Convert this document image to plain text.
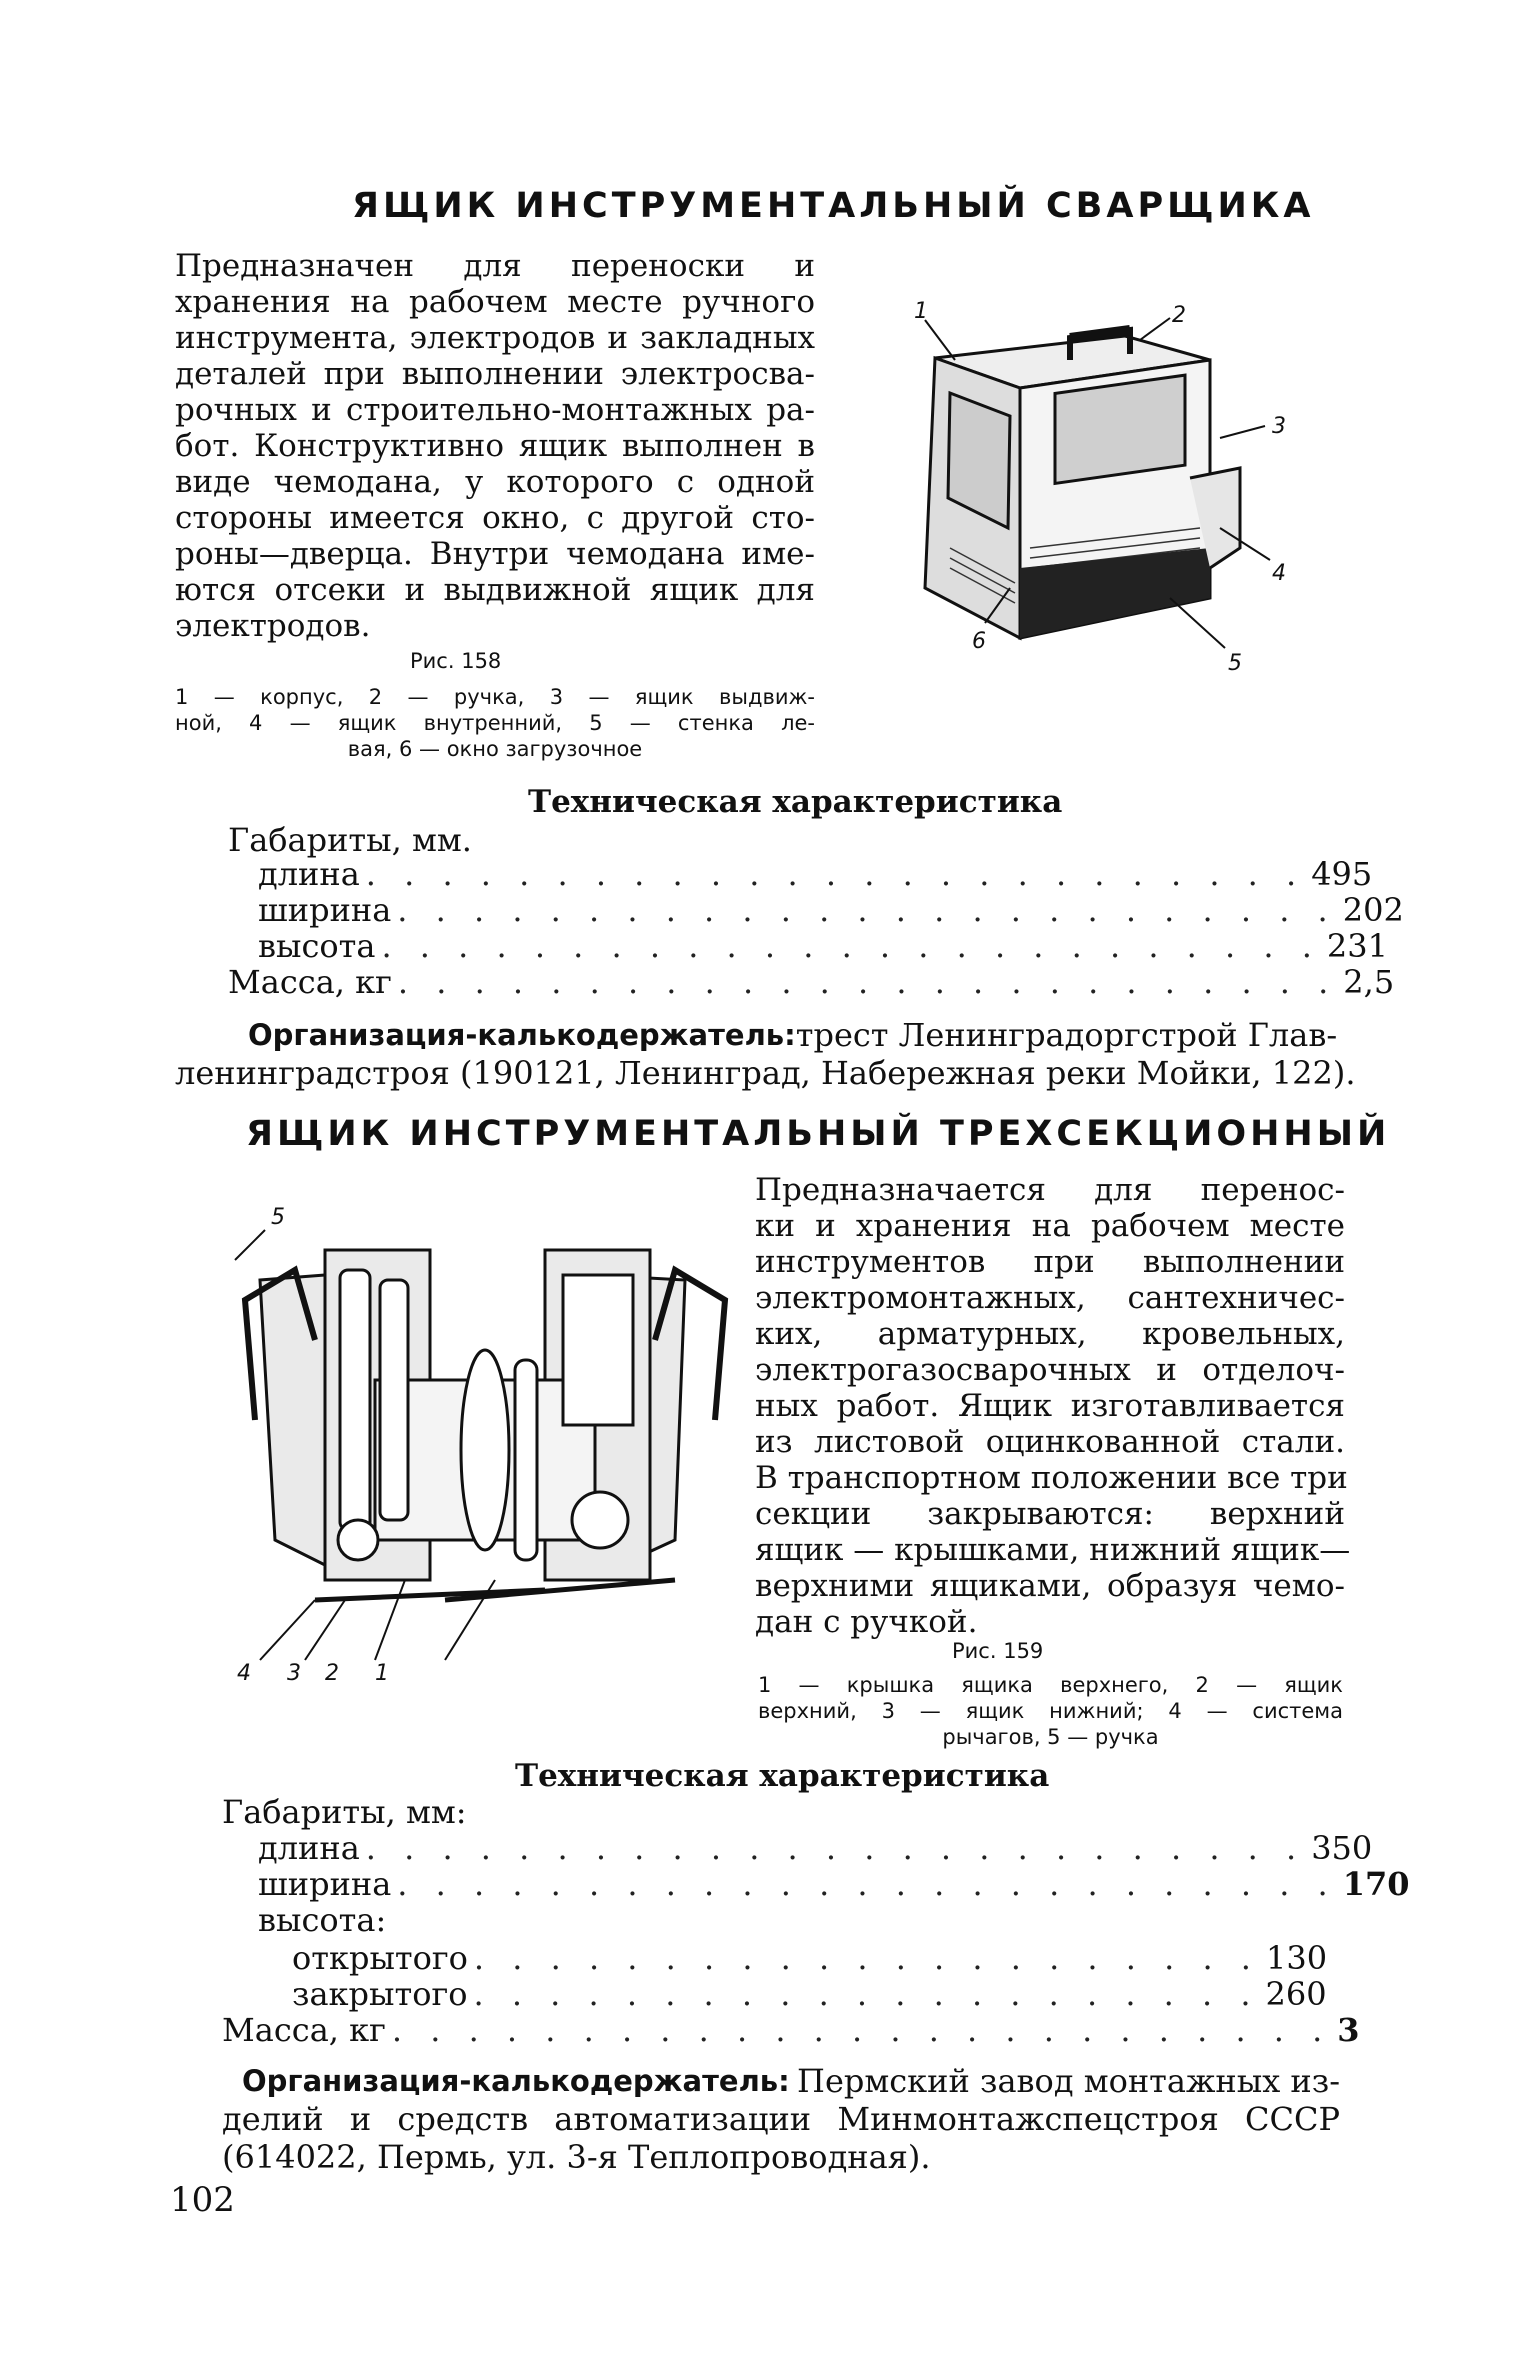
ЯЩИК ИНСТРУМЕНТАЛЬНЫЙ СВАРЩИКА
Предназначен для переноски и
хранения на рабочем месте ручного
инструмента, электродов и закладных
деталей при выполнении электросва-
рочных и строительно-монтажных ра-
бот. Конструктивно ящик выполнен в
виде чемодана, у которого с одной
стороны имеется окно, с другой сто-
роны—дверца. Внутри чемодана име-
ются отсеки и выдвижной ящик для
электродов.
1	2
3
4
5
6
Рис. 158
1 — корпус, 2 — ручка, 3 — ящик выдвиж-
ной, 4 — ящик внутренний, 5 — стенка ле-
вая, 6 — окно загрузочное
Техническая характеристика
Габариты, мм.
длина . . . . . . . . . . . . . . . . . . . . . . . . . 495
ширина . . . . . . . . . . . . . . . . . . . . . . . . . 202
высота . . . . . . . . . . . . . . . . . . . . . . . . . 231
Масса, кг . . . . . . . . . . . . . . . . . . . . . . . . . 2,5
Организация-калькодержатель: трест Ленинградоргстрой Глав-
ленинградстроя (190121, Ленинград, Набережная реки Мойки, 122).
ЯЩИК ИНСТРУМЕНТАЛЬНЫЙ ТРЕХСЕКЦИОННЫЙ
1
2
3
4
5
Предназначается для перенос-
ки и хранения на рабочем месте
инструментов при выполнении
электромонтажных, сантехничес-
ких, арматурных, кровельных,
электрогазосварочных и отделоч-
ных работ. Ящик изготавливается
из листовой оцинкованной стали.
В транспортном положении все три
секции закрываются: верхний
ящик — крышками, нижний ящик—
верхними ящиками, образуя чемо-
дан с ручкой.
Рис. 159
1 — крышка ящика верхнего, 2 — ящик
верхний, 3 — ящик нижний; 4 — система
рычагов, 5 — ручка
Техническая характеристика
Габариты, мм:
длина . . . . . . . . . . . . . . . . . . . . . . . . . 350
ширина . . . . . . . . . . . . . . . . . . . . . . . . . 170
высота:
открытого . . . . . . . . . . . . . . . . . . . . . 130
закрытого . . . . . . . . . . . . . . . . . . . . . 260
Масса, кг . . . . . . . . . . . . . . . . . . . . . . . . . 3
Организация-калькодержатель: Пермский завод монтажных из-
делий и средств автоматизации Минмонтажспецстроя СССР
(614022, Пермь, ул. 3-я Теплопроводная).
102
